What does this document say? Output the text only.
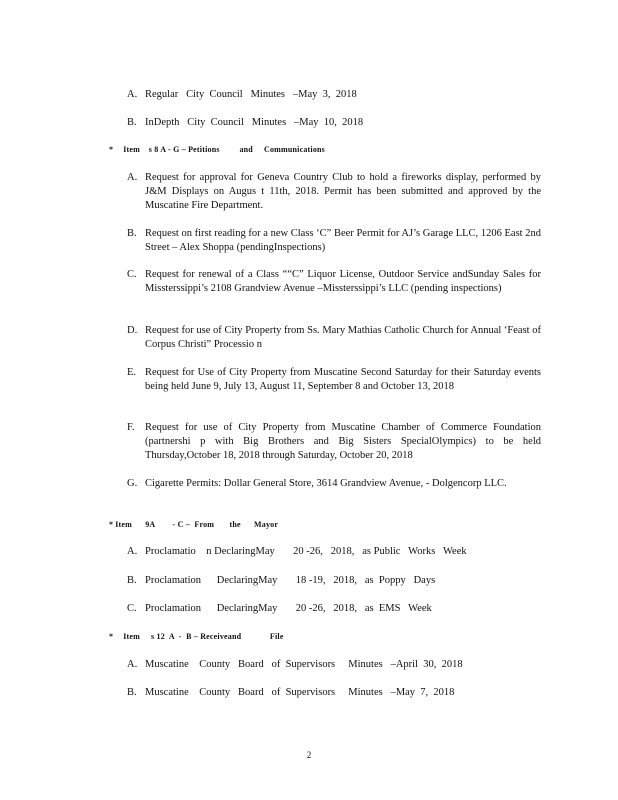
A. Regular   City  Council   Minutes   –May  3,  2018
B. InDepth   City  Council   Minutes   –May  10,  2018
* Item    s 8 A - G – Petitions         and     Communications
A. Request for approval for Geneva Country Club to hold a fireworks display, performed by J&M Displays on Augus t 11th, 2018. Permit has been submitted and approved by the Muscatine Fire Department.
B. Request on first reading for a new Class ‘C” Beer Permit for AJ’s Garage LLC, 1206 East 2nd Street – Alex Shoppa (pendingInspections)
C. Request for renewal of a Class ““C” Liquor License, Outdoor Service andSunday Sales for Missterssippi’s 2108 Grandview Avenue –Missterssippi’s LLC (pending inspections)
D. Request for use of City Property from Ss. Mary Mathias Catholic Church for Annual ‘Feast of Corpus Christi” Processio n
E. Request for Use of City Property from Muscatine Second Saturday for their Saturday events being held June 9, July 13, August 11, September 8 and October 13, 2018
F. Request for use of City Property from Muscatine Chamber of Commerce Foundation (partnershi p with Big Brothers and Big Sisters SpecialOlympics) to be held Thursday,October 18, 2018 through Saturday, October 20, 2018
G. Cigarette Permits: Dollar General Store, 3614 Grandview Avenue, - Dolgencorp LLC.
* Item      9A        - C –  From       the      Mayor
A. Proclamatio    n DeclaringMay       20 -26,   2018,   as Public   Works   Week
B. Proclamation      DeclaringMay       18 -19,   2018,   as  Poppy   Days
C. Proclamation      DeclaringMay       20 -26,   2018,   as  EMS   Week
* Item     s 12  A  -  B – Receiveand             File
A. Muscatine    County   Board   of  Supervisors     Minutes   –April  30,  2018
B. Muscatine    County   Board   of  Supervisors     Minutes   –May  7,  2018
2
